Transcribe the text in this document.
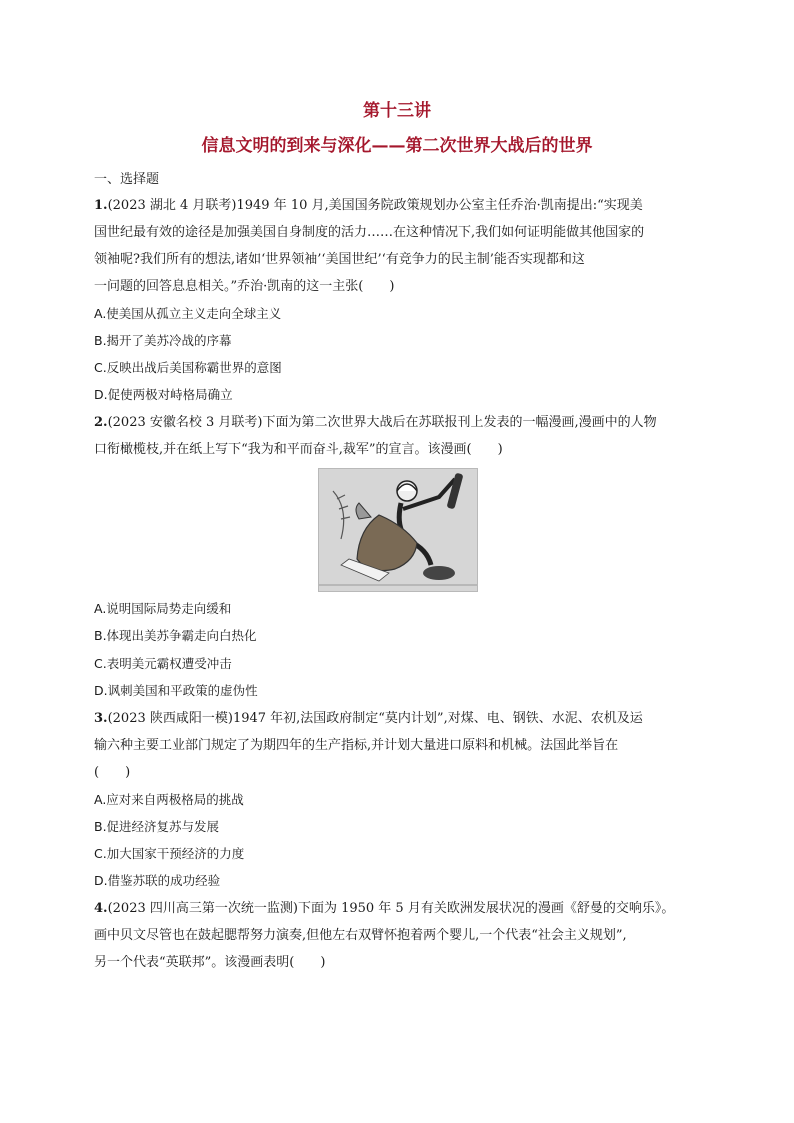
第十三讲
信息文明的到来与深化——第二次世界大战后的世界
一、选择题
1.(2023 湖北 4 月联考)1949 年 10 月,美国国务院政策规划办公室主任乔治·凯南提出:“实现美
国世纪最有效的途径是加强美国自身制度的活力……在这种情况下,我们如何证明能做其他国家的
领袖呢?我们所有的想法,诸如‘世界领袖’‘美国世纪’‘有竞争力的民主制’能否实现都和这
一问题的回答息息相关。”乔治·凯南的这一主张(　　)
A.使美国从孤立主义走向全球主义
B.揭开了美苏冷战的序幕
C.反映出战后美国称霸世界的意图
D.促使两极对峙格局确立
2.(2023 安徽名校 3 月联考)下面为第二次世界大战后在苏联报刊上发表的一幅漫画,漫画中的人物
口衔橄榄枝,并在纸上写下“我为和平而奋斗,裁军”的宣言。该漫画(　　)
A.说明国际局势走向缓和
B.体现出美苏争霸走向白热化
C.表明美元霸权遭受冲击
D.讽刺美国和平政策的虚伪性
3.(2023 陕西咸阳一模)1947 年初,法国政府制定“莫内计划”,对煤、电、钢铁、水泥、农机及运
输六种主要工业部门规定了为期四年的生产指标,并计划大量进口原料和机械。法国此举旨在
(　　)
A.应对来自两极格局的挑战
B.促进经济复苏与发展
C.加大国家干预经济的力度
D.借鉴苏联的成功经验
4.(2023 四川高三第一次统一监测)下面为 1950 年 5 月有关欧洲发展状况的漫画《舒曼的交响乐》。
画中贝文尽管也在鼓起腮帮努力演奏,但他左右双臂怀抱着两个婴儿,一个代表“社会主义规划”,
另一个代表“英联邦”。该漫画表明(　　)
